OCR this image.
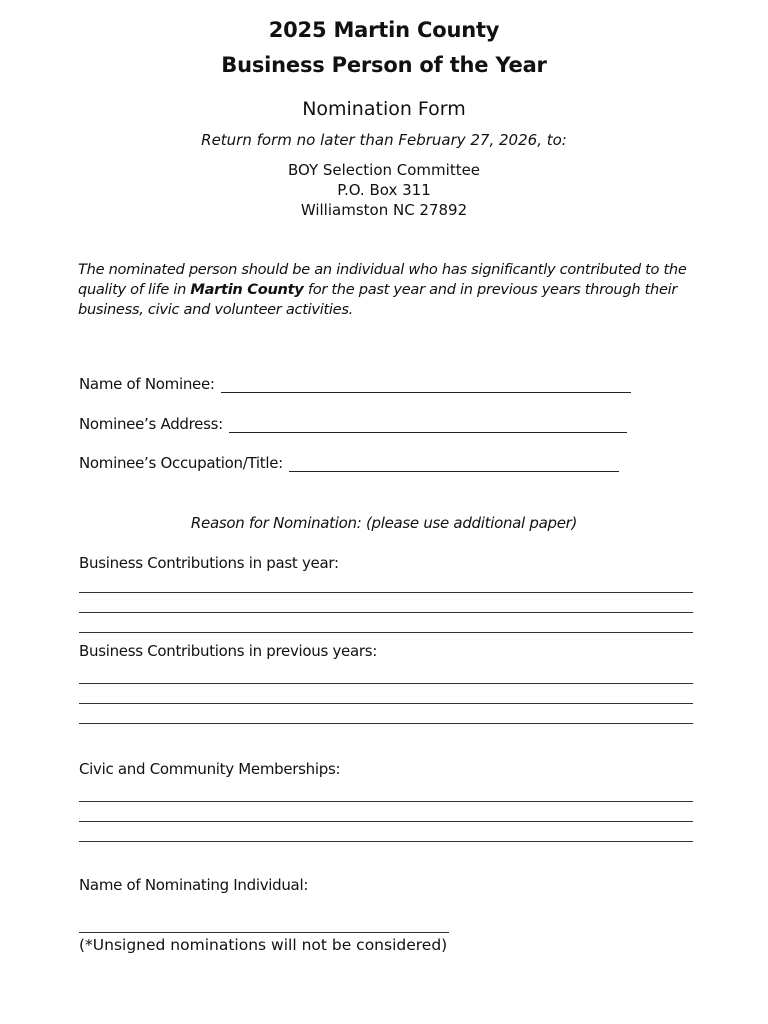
2025 Martin County
Business Person of the Year
Nomination Form
Return form no later than February 27, 2026, to:
BOY Selection Committee
P.O. Box 311
Williamston NC 27892
The nominated person should be an individual who has significantly contributed to the quality of life in Martin County for the past year and in previous years through their business, civic and volunteer activities.
Name of Nominee:
Nominee’s Address:
Nominee’s Occupation/Title:
Reason for Nomination: (please use additional paper)
Business Contributions in past year:
Business Contributions in previous years:
Civic and Community Memberships:
Name of Nominating Individual:
(*Unsigned nominations will not be considered)
